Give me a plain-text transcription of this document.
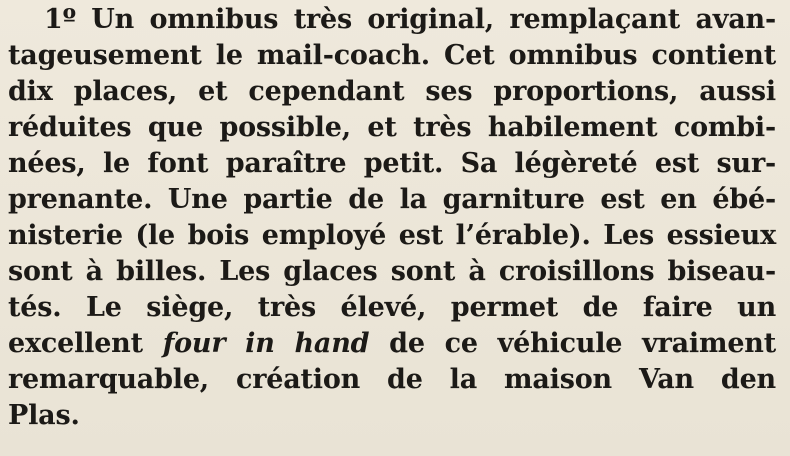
1º Un omnibus très original, remplaçant avan-
tageusement le mail-coach. Cet omnibus contient
dix places, et cependant ses proportions, aussi
réduites que possible, et très habilement combi-
nées, le font paraître petit. Sa légèreté est sur-
prenante. Une partie de la garniture est en ébé-
nisterie (le bois employé est l’érable). Les essieux
sont à billes. Les glaces sont à croisillons biseau-
tés. Le siège, très élevé, permet de faire un
excellent four in hand de ce véhicule vraiment
remarquable, création de la maison Van den
Plas.
